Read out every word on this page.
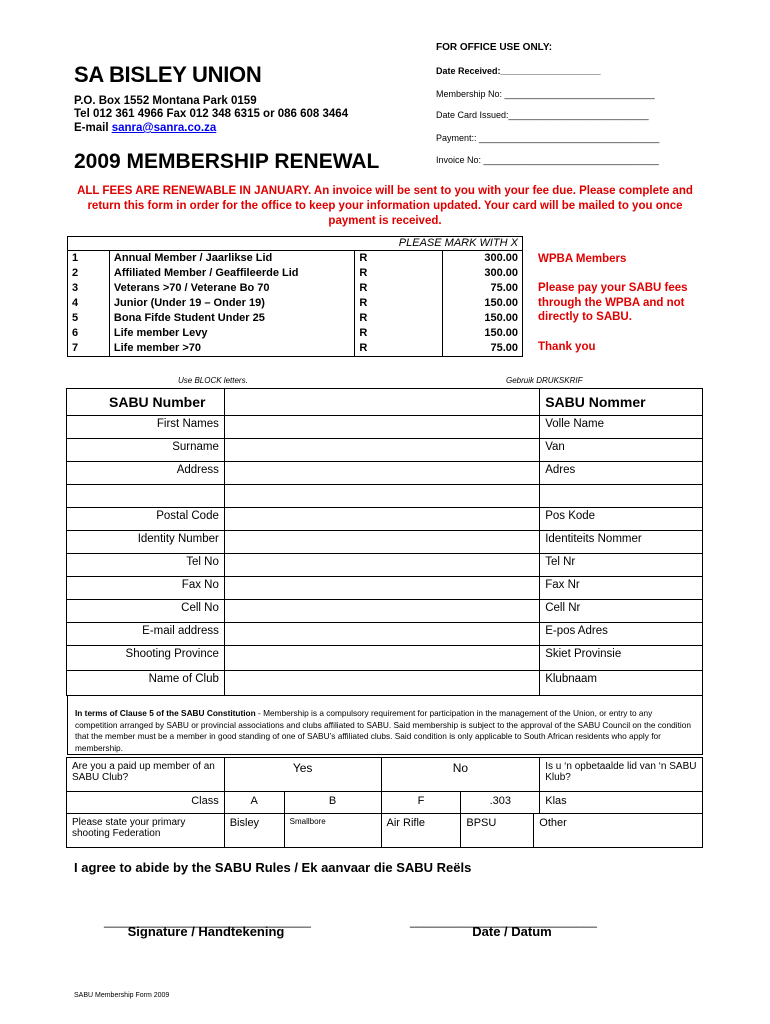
FOR OFFICE USE ONLY:
Date Received:____________________
Membership No: ______________________________
Date Card Issued:____________________________
Payment:: ____________________________________
Invoice No: ___________________________________
SA BISLEY UNION
P.O. Box 1552 Montana Park 0159
Tel 012 361 4966 Fax 012 348 6315 or 086 608 3464
E-mail sanra@sanra.co.za
2009 MEMBERSHIP RENEWAL
ALL FEES ARE RENEWABLE IN JANUARY. An invoice will be sent to you with your fee due. Please complete and return this form in order for the office to keep your information updated. Your card will be mailed to you once payment is received.
PLEASE MARK WITH X			
1	Annual Member / Jaarlikse Lid	R	300.00
2	Affiliated Member / Geaffileerde Lid	R	300.00
3	Veterans >70 / Veterane Bo 70	R	75.00
4	Junior (Under 19 – Onder 19)	R	150.00
5	Bona Fifde Student Under 25	R	150.00
6	Life member Levy	R	150.00
7	Life member >70	R	75.00
WPBA Members
Please pay your SABU fees
through the WPBA and not
directly to SABU.
Thank you
Use BLOCK letters.	Gebruik DRUKSKRIF
SABU Number		SABU Nommer
First Names		Volle Name
Surname		Van
Address		Adres

Postal Code		Pos Kode
Identity Number		Identiteits Nommer
Tel No		Tel Nr
Fax No		Fax Nr
Cell No		Cell Nr
E-mail address		E-pos Adres
Shooting Province		Skiet Provinsie
Name of Club		Klubnaam
In terms of Clause 5 of the SABU Constitution - Membership is a compulsory requirement for participation in the management of the Union, or entry to any competition arranged by SABU or provincial associations and clubs affiliated to SABU. Said membership is subject to the approval of the SABU Council on the condition that the member must be a member in good standing of one of SABU’s affiliated clubs. Said condition is only applicable to South African residents who apply for membership.
Are you a paid up member of an SABU Club?	Yes		No			Is u ‘n opbetaalde lid van ‘n SABU Klub?
Class	A	B	F	.303		Klas
Please state your primary shooting Federation	Bisley	Smallbore	Air Rifle	BPSU	Other	
I agree to abide by the SABU Rules / Ek aanvaar die SABU Reëls
_______________________________	____________________________
Signature / Handtekening	Date / Datum
SABU Membership Form 2009
